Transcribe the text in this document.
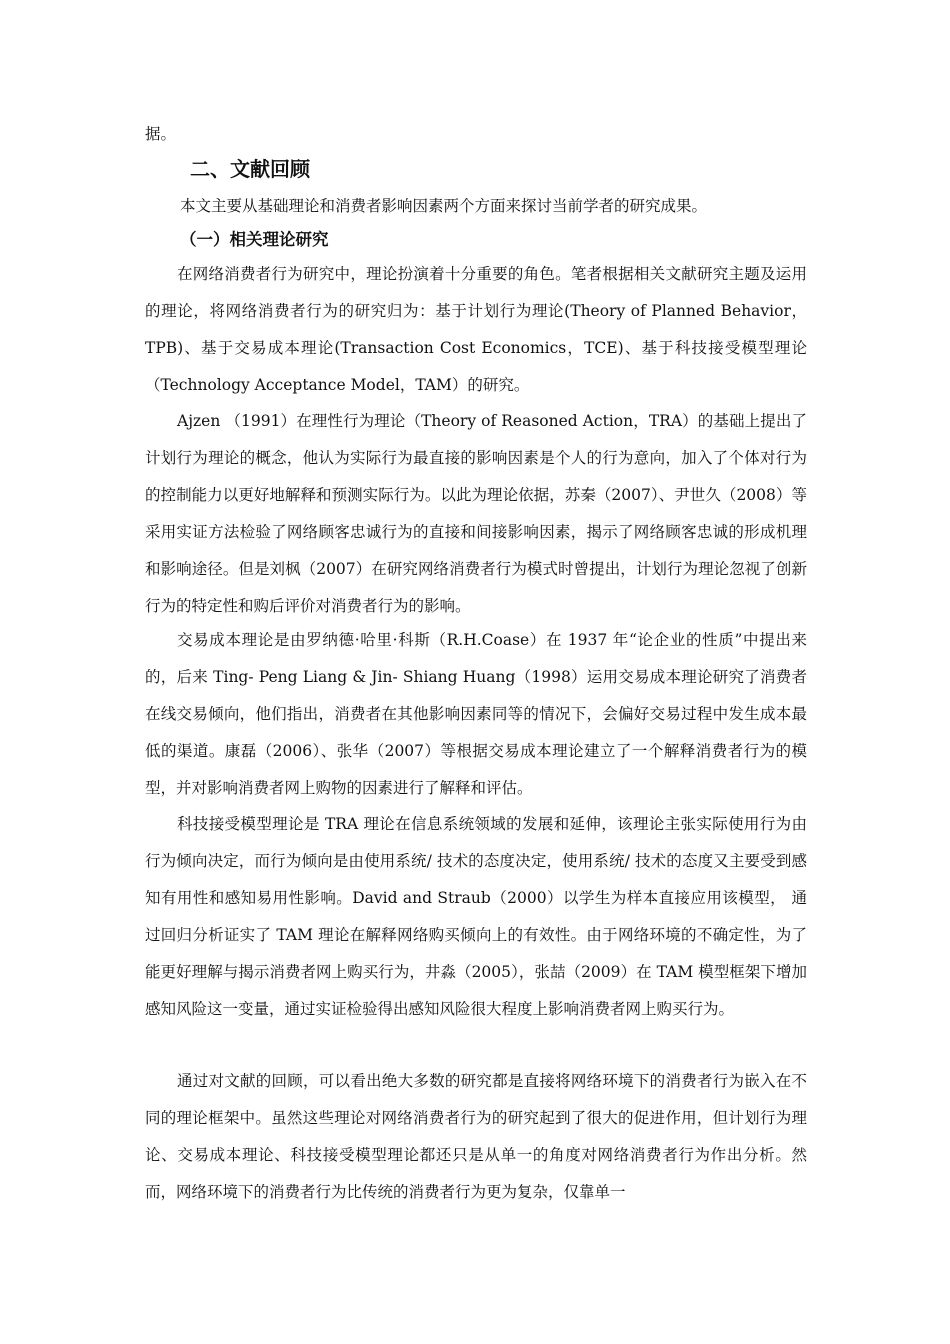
据。
二、文献回顾
本文主要从基础理论和消费者影响因素两个方面来探讨当前学者的研究成果。
（一）相关理论研究

在网络消费者行为研究中，理论扮演着十分重要的角色。笔者根据相关文献研究主题及运用的理论，将网络消费者行为的研究归为：基于计划行为理论(Theory of Planned Behavior，TPB)、基于交易成本理论(Transaction Cost Economics，TCE)、基于科技接受模型理论（Technology Acceptance Model，TAM）的研究。

Ajzen （1991）在理性行为理论（Theory of Reasoned Action，TRA）的基础上提出了计划行为理论的概念，他认为实际行为最直接的影响因素是个人的行为意向，加入了个体对行为的控制能力以更好地解释和预测实际行为。以此为理论依据，苏秦（2007）、尹世久（2008）等采用实证方法检验了网络顾客忠诚行为的直接和间接影响因素，揭示了网络顾客忠诚的形成机理和影响途径。但是刘枫（2007）在研究网络消费者行为模式时曾提出，计划行为理论忽视了创新行为的特定性和购后评价对消费者行为的影响。

交易成本理论是由罗纳德·哈里·科斯（R.H.Coase）在 1937 年“论企业的性质”中提出来的，后来 Ting- Peng Liang & Jin- Shiang Huang（1998）运用交易成本理论研究了消费者在线交易倾向，他们指出，消费者在其他影响因素同等的情况下，会偏好交易过程中发生成本最低的渠道。康磊（2006）、张华（2007）等根据交易成本理论建立了一个解释消费者行为的模型，并对影响消费者网上购物的因素进行了解释和评估。

科技接受模型理论是 TRA 理论在信息系统领域的发展和延伸，该理论主张实际使用行为由行为倾向决定，而行为倾向是由使用系统/ 技术的态度决定，使用系统/ 技术的态度又主要受到感知有用性和感知易用性影响。David and Straub（2000）以学生为样本直接应用该模型， 通过回归分析证实了 TAM 理论在解释网络购买倾向上的有效性。由于网络环境的不确定性，为了能更好理解与揭示消费者网上购买行为，井淼（2005），张喆（2009）在 TAM 模型框架下增加感知风险这一变量，通过实证检验得出感知风险很大程度上影响消费者网上购买行为。

通过对文献的回顾，可以看出绝大多数的研究都是直接将网络环境下的消费者行为嵌入在不同的理论框架中。虽然这些理论对网络消费者行为的研究起到了很大的促进作用，但计划行为理论、交易成本理论、科技接受模型理论都还只是从单一的角度对网络消费者行为作出分析。然而，网络环境下的消费者行为比传统的消费者行为更为复杂，仅靠单一
